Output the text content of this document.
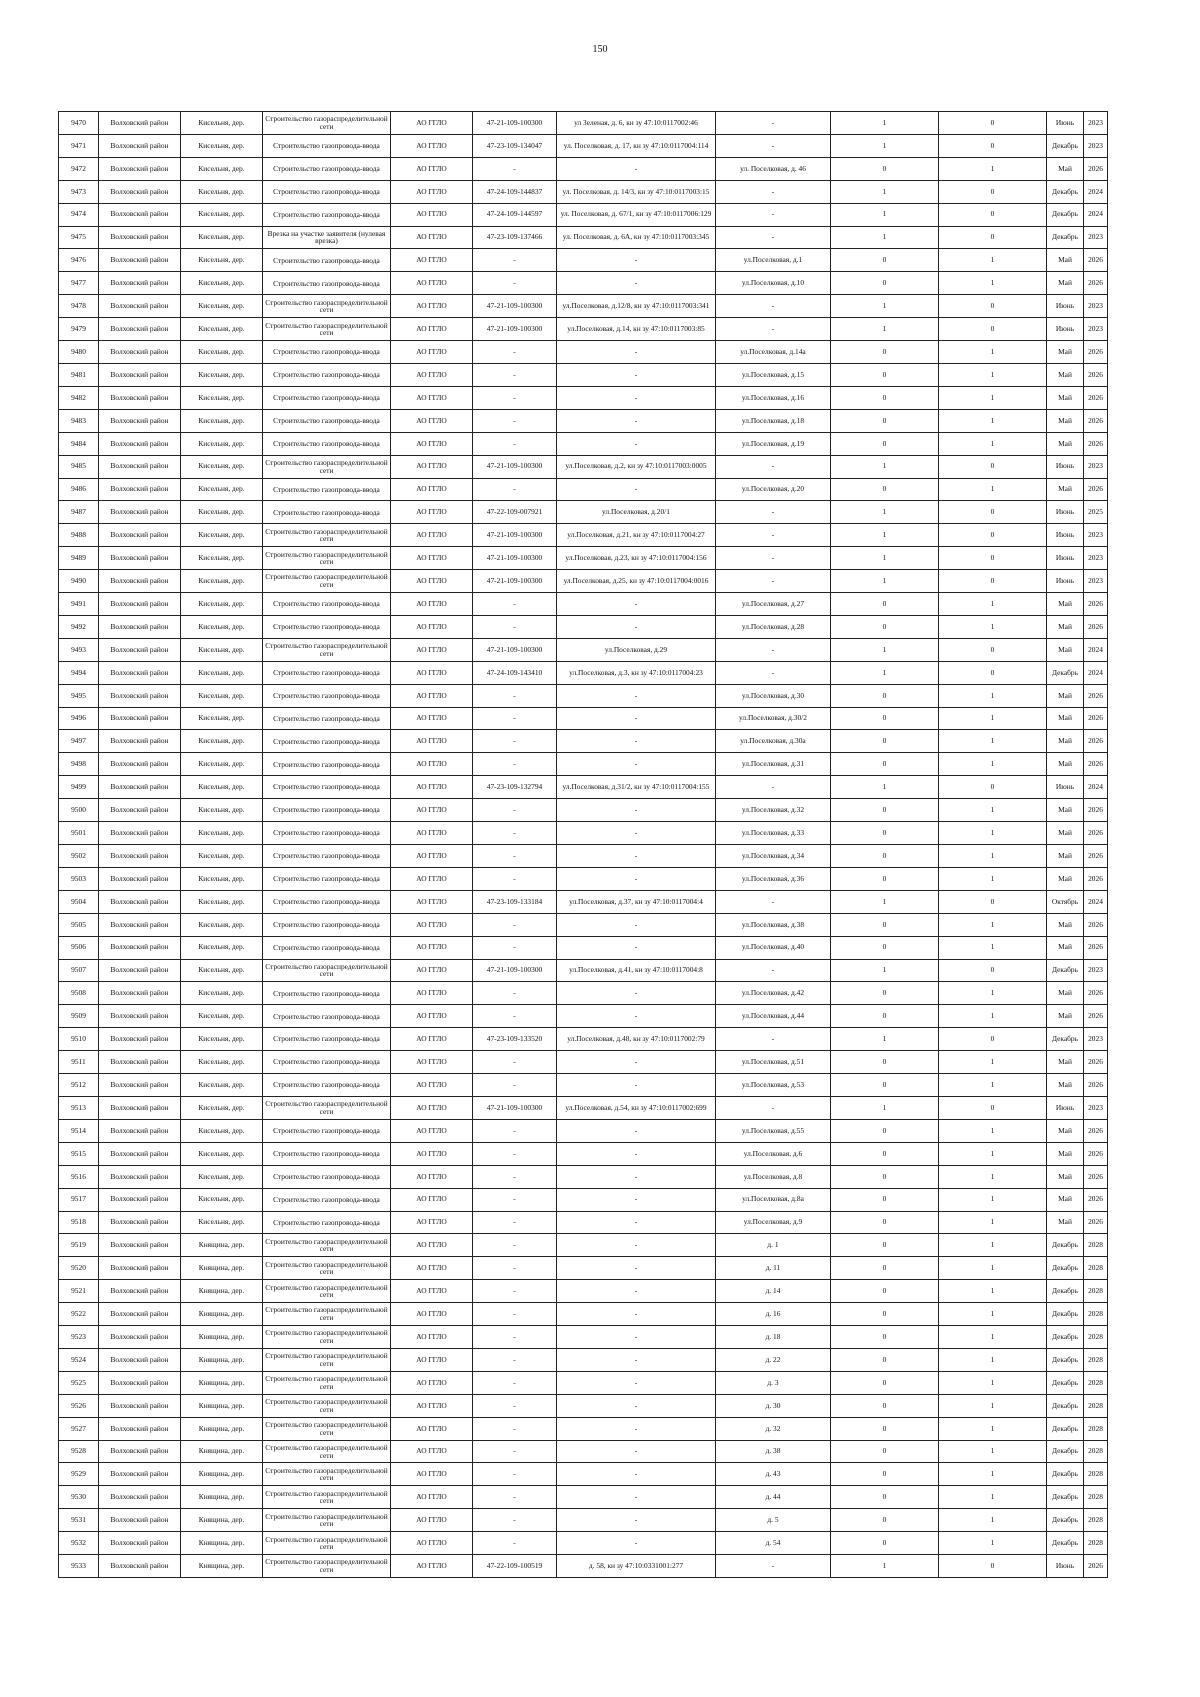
150
9470	Волховский район	Кисельня, дер.	Строительство газораспределительной сети	АО ГГЛО	47-21-109-100300	ул Зеленая, д. 6, кн зу 47:10:0117002:46	-	1	0	Июнь	2023
9471	Волховский район	Кисельня, дер.	Строительство газопровода-ввода	АО ГГЛО	47-23-109-134047	ул. Поселковая, д. 17, кн зу 47:10:0117004:114	-	1	0	Декабрь	2023
9472	Волховский район	Кисельня, дер.	Строительство газопровода-ввода	АО ГГЛО	-	-	ул. Поселковая, д. 46	0	1	Май	2026
9473	Волховский район	Кисельня, дер.	Строительство газопровода-ввода	АО ГГЛО	47-24-109-144837	ул. Поселковая, д. 14/3, кн зу 47:10:0117003:15	-	1	0	Декабрь	2024
9474	Волховский район	Кисельня, дер.	Строительство газопровода-ввода	АО ГГЛО	47-24-109-144597	ул. Поселковая, д. 67/1, кн зу 47:10:0117006:129	-	1	0	Декабрь	2024
9475	Волховский район	Кисельня, дер.	Врезка на участке заявителя (нулевая врезка)	АО ГГЛО	47-23-109-137466	ул. Поселковая, д. 6А, кн зу 47:10:0117003:345	-	1	0	Декабрь	2023
9476	Волховский район	Кисельня, дер.	Строительство газопровода-ввода	АО ГГЛО	-	-	ул.Поселковая, д.1	0	1	Май	2026
9477	Волховский район	Кисельня, дер.	Строительство газопровода-ввода	АО ГГЛО	-	-	ул.Поселковая, д.10	0	1	Май	2026
9478	Волховский район	Кисельня, дер.	Строительство газораспределительной сети	АО ГГЛО	47-21-109-100300	ул.Поселковая, д.12/8, кн зу 47:10:0117003:341	-	1	0	Июнь	2023
9479	Волховский район	Кисельня, дер.	Строительство газораспределительной сети	АО ГГЛО	47-21-109-100300	ул.Поселковая, д.14, кн зу 47:10:0117003:85	-	1	0	Июнь	2023
9480	Волховский район	Кисельня, дер.	Строительство газопровода-ввода	АО ГГЛО	-	-	ул.Поселковая, д.14а	0	1	Май	2026
9481	Волховский район	Кисельня, дер.	Строительство газопровода-ввода	АО ГГЛО	-	-	ул.Поселковая, д.15	0	1	Май	2026
9482	Волховский район	Кисельня, дер.	Строительство газопровода-ввода	АО ГГЛО	-	-	ул.Поселковая, д.16	0	1	Май	2026
9483	Волховский район	Кисельня, дер.	Строительство газопровода-ввода	АО ГГЛО	-	-	ул.Поселковая, д.18	0	1	Май	2026
9484	Волховский район	Кисельня, дер.	Строительство газопровода-ввода	АО ГГЛО	-	-	ул.Поселковая, д.19	0	1	Май	2026
9485	Волховский район	Кисельня, дер.	Строительство газораспределительной сети	АО ГГЛО	47-21-109-100300	ул.Поселковая, д.2, кн зу 47:10:0117003:0005	-	1	0	Июнь	2023
9486	Волховский район	Кисельня, дер.	Строительство газопровода-ввода	АО ГГЛО	-	-	ул.Поселковая, д.20	0	1	Май	2026
9487	Волховский район	Кисельня, дер.	Строительство газопровода-ввода	АО ГГЛО	47-22-109-007921	ул.Поселковая, д.20/1	-	1	0	Июнь	2025
9488	Волховский район	Кисельня, дер.	Строительство газораспределительной сети	АО ГГЛО	47-21-109-100300	ул.Поселковая, д.21, кн зу 47:10:0117004:27	-	1	0	Июнь	2023
9489	Волховский район	Кисельня, дер.	Строительство газораспределительной сети	АО ГГЛО	47-21-109-100300	ул.Поселковая, д.23, кн зу 47:10:0117004:156	-	1	0	Июнь	2023
9490	Волховский район	Кисельня, дер.	Строительство газораспределительной сети	АО ГГЛО	47-21-109-100300	ул.Поселковая, д.25, кн зу 47:10:0117004:0016	-	1	0	Июнь	2023
9491	Волховский район	Кисельня, дер.	Строительство газопровода-ввода	АО ГГЛО	-	-	ул.Поселковая, д.27	0	1	Май	2026
9492	Волховский район	Кисельня, дер.	Строительство газопровода-ввода	АО ГГЛО	-	-	ул.Поселковая, д.28	0	1	Май	2026
9493	Волховский район	Кисельня, дер.	Строительство газораспределительной сети	АО ГГЛО	47-21-109-100300	ул.Поселковая, д.29	-	1	0	Май	2024
9494	Волховский район	Кисельня, дер.	Строительство газопровода-ввода	АО ГГЛО	47-24-109-143410	ул.Поселковая, д.3, кн зу 47:10:0117004:23	-	1	0	Декабрь	2024
9495	Волховский район	Кисельня, дер.	Строительство газопровода-ввода	АО ГГЛО	-	-	ул.Поселковая, д.30	0	1	Май	2026
9496	Волховский район	Кисельня, дер.	Строительство газопровода-ввода	АО ГГЛО	-	-	ул.Поселковая, д.30/2	0	1	Май	2026
9497	Волховский район	Кисельня, дер.	Строительство газопровода-ввода	АО ГГЛО	-	-	ул.Поселковая, д.30а	0	1	Май	2026
9498	Волховский район	Кисельня, дер.	Строительство газопровода-ввода	АО ГГЛО	-	-	ул.Поселковая, д.31	0	1	Май	2026
9499	Волховский район	Кисельня, дер.	Строительство газопровода-ввода	АО ГГЛО	47-23-109-132794	ул.Поселковая, д.31/2, кн зу 47:10:0117004:155	-	1	0	Июнь	2024
9500	Волховский район	Кисельня, дер.	Строительство газопровода-ввода	АО ГГЛО	-	-	ул.Поселковая, д.32	0	1	Май	2026
9501	Волховский район	Кисельня, дер.	Строительство газопровода-ввода	АО ГГЛО	-	-	ул.Поселковая, д.33	0	1	Май	2026
9502	Волховский район	Кисельня, дер.	Строительство газопровода-ввода	АО ГГЛО	-	-	ул.Поселковая, д.34	0	1	Май	2026
9503	Волховский район	Кисельня, дер.	Строительство газопровода-ввода	АО ГГЛО	-	-	ул.Поселковая, д.36	0	1	Май	2026
9504	Волховский район	Кисельня, дер.	Строительство газопровода-ввода	АО ГГЛО	47-23-109-133184	ул.Поселковая, д.37, кн зу 47:10:0117004:4	-	1	0	Октябрь	2024
9505	Волховский район	Кисельня, дер.	Строительство газопровода-ввода	АО ГГЛО	-	-	ул.Поселковая, д.38	0	1	Май	2026
9506	Волховский район	Кисельня, дер.	Строительство газопровода-ввода	АО ГГЛО	-	-	ул.Поселковая, д.40	0	1	Май	2026
9507	Волховский район	Кисельня, дер.	Строительство газораспределительной сети	АО ГГЛО	47-21-109-100300	ул.Поселковая, д.41, кн зу 47:10:0117004:8	-	1	0	Декабрь	2023
9508	Волховский район	Кисельня, дер.	Строительство газопровода-ввода	АО ГГЛО	-	-	ул.Поселковая, д.42	0	1	Май	2026
9509	Волховский район	Кисельня, дер.	Строительство газопровода-ввода	АО ГГЛО	-	-	ул.Поселковая, д.44	0	1	Май	2026
9510	Волховский район	Кисельня, дер.	Строительство газопровода-ввода	АО ГГЛО	47-23-109-133520	ул.Поселковая, д.48, кн зу 47:10:0117002:79	-	1	0	Декабрь	2023
9511	Волховский район	Кисельня, дер.	Строительство газопровода-ввода	АО ГГЛО	-	-	ул.Поселковая, д.51	0	1	Май	2026
9512	Волховский район	Кисельня, дер.	Строительство газопровода-ввода	АО ГГЛО	-	-	ул.Поселковая, д.53	0	1	Май	2026
9513	Волховский район	Кисельня, дер.	Строительство газораспределительной сети	АО ГГЛО	47-21-109-100300	ул.Поселковая, д.54, кн зу 47:10:0117002:699	-	1	0	Июнь	2023
9514	Волховский район	Кисельня, дер.	Строительство газопровода-ввода	АО ГГЛО	-	-	ул.Поселковая, д.55	0	1	Май	2026
9515	Волховский район	Кисельня, дер.	Строительство газопровода-ввода	АО ГГЛО	-	-	ул.Поселковая, д.6	0	1	Май	2026
9516	Волховский район	Кисельня, дер.	Строительство газопровода-ввода	АО ГГЛО	-	-	ул.Поселковая, д.8	0	1	Май	2026
9517	Волховский район	Кисельня, дер.	Строительство газопровода-ввода	АО ГГЛО	-	-	ул.Поселковая, д.8а	0	1	Май	2026
9518	Волховский район	Кисельня, дер.	Строительство газопровода-ввода	АО ГГЛО	-	-	ул.Поселковая, д.9	0	1	Май	2026
9519	Волховский район	Княщина, дер.	Строительство газораспределительной сети	АО ГГЛО	-	-	д. 1	0	1	Декабрь	2028
9520	Волховский район	Княщина, дер.	Строительство газораспределительной сети	АО ГГЛО	-	-	д. 11	0	1	Декабрь	2028
9521	Волховский район	Княщина, дер.	Строительство газораспределительной сети	АО ГГЛО	-	-	д. 14	0	1	Декабрь	2028
9522	Волховский район	Княщина, дер.	Строительство газораспределительной сети	АО ГГЛО	-	-	д. 16	0	1	Декабрь	2028
9523	Волховский район	Княщина, дер.	Строительство газораспределительной сети	АО ГГЛО	-	-	д. 18	0	1	Декабрь	2028
9524	Волховский район	Княщина, дер.	Строительство газораспределительной сети	АО ГГЛО	-	-	д. 22	0	1	Декабрь	2028
9525	Волховский район	Княщина, дер.	Строительство газораспределительной сети	АО ГГЛО	-	-	д. 3	0	1	Декабрь	2028
9526	Волховский район	Княщина, дер.	Строительство газораспределительной сети	АО ГГЛО	-	-	д. 30	0	1	Декабрь	2028
9527	Волховский район	Княщина, дер.	Строительство газораспределительной сети	АО ГГЛО	-	-	д. 32	0	1	Декабрь	2028
9528	Волховский район	Княщина, дер.	Строительство газораспределительной сети	АО ГГЛО	-	-	д. 38	0	1	Декабрь	2028
9529	Волховский район	Княщина, дер.	Строительство газораспределительной сети	АО ГГЛО	-	-	д. 43	0	1	Декабрь	2028
9530	Волховский район	Княщина, дер.	Строительство газораспределительной сети	АО ГГЛО	-	-	д. 44	0	1	Декабрь	2028
9531	Волховский район	Княщина, дер.	Строительство газораспределительной сети	АО ГГЛО	-	-	д. 5	0	1	Декабрь	2028
9532	Волховский район	Княщина, дер.	Строительство газораспределительной сети	АО ГГЛО	-	-	д. 54	0	1	Декабрь	2028
9533	Волховский район	Княщина, дер.	Строительство газораспределительной сети	АО ГГЛО	47-22-109-100519	д. 58, кн зу 47:10:0331001:277	-	1	0	Июнь	2026
